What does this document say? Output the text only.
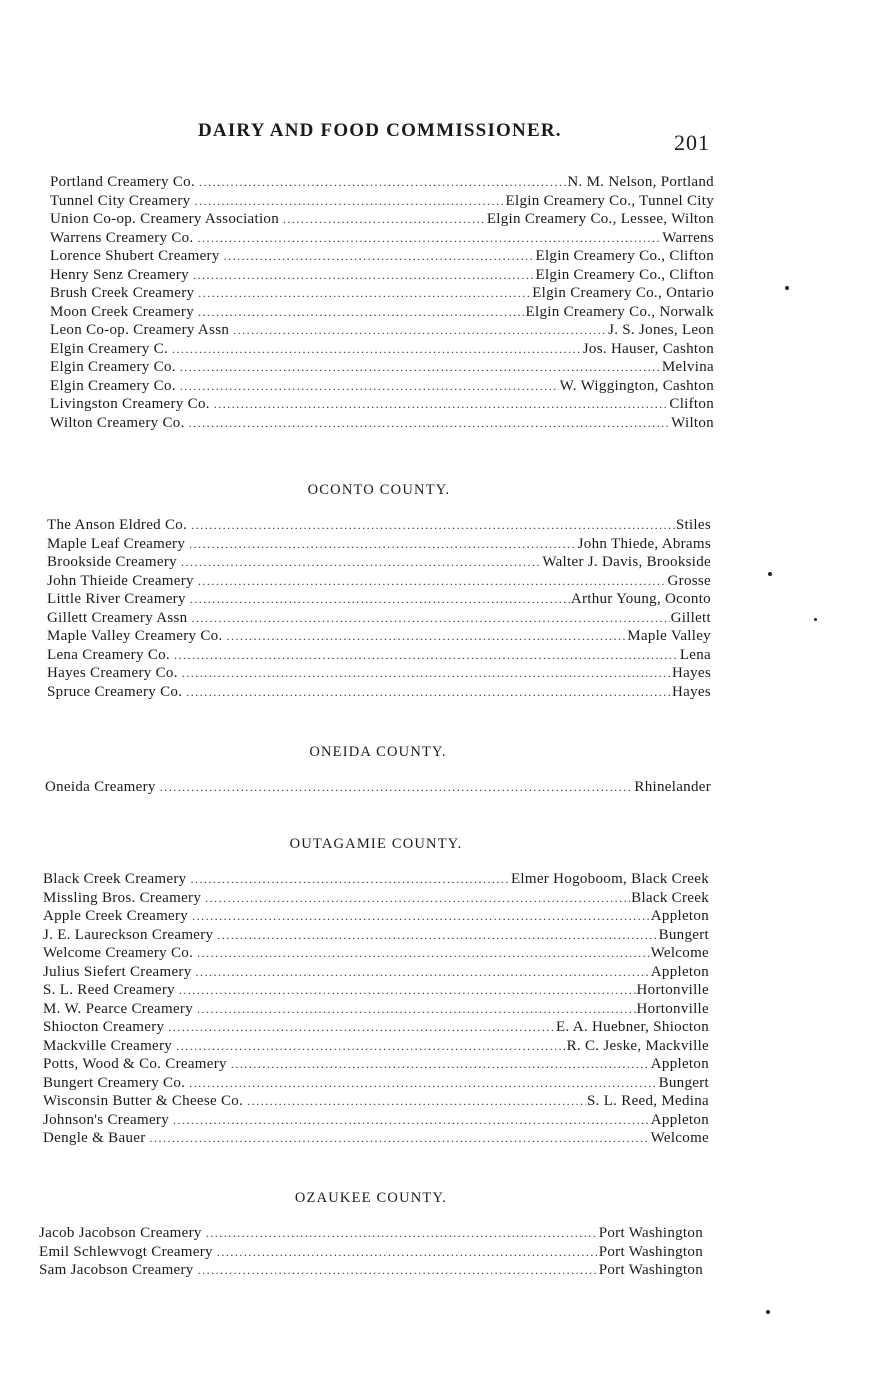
DAIRY AND FOOD COMMISSIONER.	201
Portland Creamery Co. .....	N. M. Nelson, Portland
Tunnel City Creamery .....	Elgin Creamery Co., Tunnel City
Union Co-op. Creamery Association .....	Elgin Creamery Co., Lessee, Wilton
Warrens Creamery Co. .....	Warrens
Lorence Shubert Creamery .....	Elgin Creamery Co., Clifton
Henry Senz Creamery .....	Elgin Creamery Co., Clifton
Brush Creek Creamery .....	Elgin Creamery Co., Ontario
Moon Creek Creamery .....	Elgin Creamery Co., Norwalk
Leon Co-op. Creamery Assn .....	J. S. Jones, Leon
Elgin Creamery C. .....	Jos. Hauser, Cashton
Elgin Creamery Co. .....	Melvina
Elgin Creamery Co. .....	W. Wiggington, Cashton
Livingston Creamery Co. .....	Clifton
Wilton Creamery Co. .....	Wilton
OCONTO COUNTY.
The Anson Eldred Co. .....	Stiles
Maple Leaf Creamery .....	John Thiede, Abrams
Brookside Creamery .....	Walter J. Davis, Brookside
John Thieide Creamery .....	Grosse
Little River Creamery .....	Arthur Young, Oconto
Gillett Creamery Assn .....	Gillett
Maple Valley Creamery Co. .....	Maple Valley
Lena Creamery Co. .....	Lena
Hayes Creamery Co. .....	Hayes
Spruce Creamery Co. .....	Hayes
ONEIDA COUNTY.
Oneida Creamery .....	Rhinelander
OUTAGAMIE COUNTY.
Black Creek Creamery .....	Elmer Hogoboom, Black Creek
Missling Bros. Creamery .....	Black Creek
Apple Creek Creamery .....	Appleton
J. E. Laureckson Creamery .....	Bungert
Welcome Creamery Co. .....	Welcome
Julius Siefert Creamery .....	Appleton
S. L. Reed Creamery .....	Hortonville
M. W. Pearce Creamery .....	Hortonville
Shiocton Creamery .....	E. A. Huebner, Shiocton
Mackville Creamery .....	R. C. Jeske, Mackville
Potts, Wood & Co. Creamery .....	Appleton
Bungert Creamery Co. .....	Bungert
Wisconsin Butter & Cheese Co. .....	S. L. Reed, Medina
Johnson's Creamery .....	Appleton
Dengle & Bauer .....	Welcome
OZAUKEE COUNTY.
Jacob Jacobson Creamery .....	Port Washington
Emil Schlewvogt Creamery .....	Port Washington
Sam Jacobson Creamery .....	Port Washington
